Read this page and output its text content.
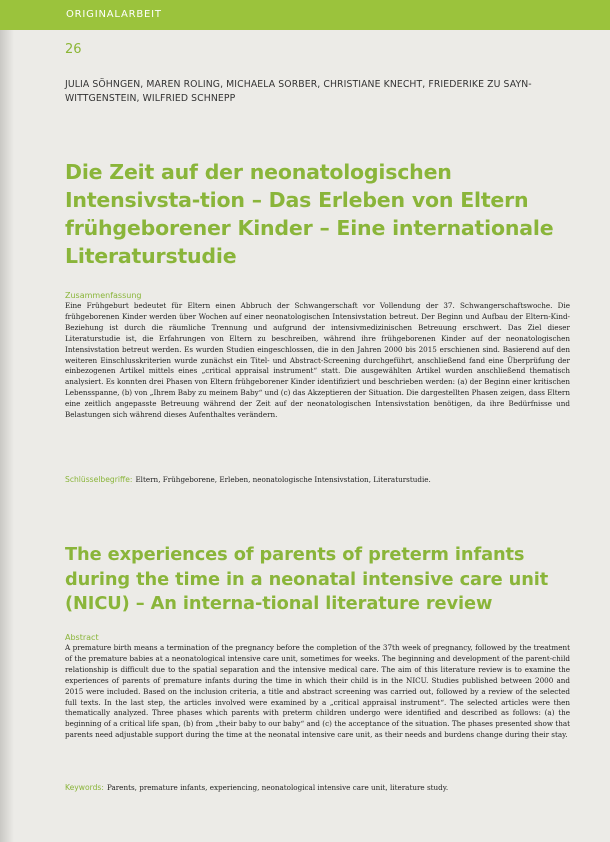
ORIGINALARBEIT
26
JULIA SÖHNGEN, MAREN ROLING, MICHAELA SORBER, CHRISTIANE KNECHT, FRIEDERIKE ZU SAYN-WITTGENSTEIN, WILFRIED SCHNEPP
Die Zeit auf der neonatologischen Intensivsta-tion – Das Erleben von Eltern frühgeborener Kinder – Eine internationale Literaturstudie
Zusammenfassung
Eine Frühgeburt bedeutet für Eltern einen Abbruch der Schwangerschaft vor Vollendung der 37. Schwangerschaftswoche. Die frühgeborenen Kinder werden über Wochen auf einer neonatologischen Intensivstation betreut. Der Beginn und Aufbau der Eltern-Kind-Beziehung ist durch die räumliche Trennung und aufgrund der intensivmedizinischen Betreuung erschwert. Das Ziel dieser Literaturstudie ist, die Erfahrungen von Eltern zu beschreiben, während ihre frühgeborenen Kinder auf der neonatologischen Intensivstation betreut werden. Es wurden Studien eingeschlossen, die in den Jahren 2000 bis 2015 erschienen sind. Basierend auf den weiteren Einschlusskriterien wurde zunächst ein Titel- und Abstract-Screening durchgeführt, anschließend fand eine Überprüfung der einbezogenen Artikel mittels eines „critical appraisal instrument“ statt. Die ausgewählten Artikel wurden anschließend thematisch analysiert. Es konnten drei Phasen von Eltern frühgeborener Kinder identifiziert und beschrieben werden: (a) der Beginn einer kritischen Lebensspanne, (b) von „Ihrem Baby zu meinem Baby“ und (c) das Akzeptieren der Situation. Die dargestellten Phasen zeigen, dass Eltern eine zeitlich angepasste Betreuung während der Zeit auf der neonatologischen Intensivstation benötigen, da ihre Bedürfnisse und Belastungen sich während dieses Aufenthaltes verändern.
Schlüsselbegriffe: Eltern, Frühgeborene, Erleben, neonatologische Intensivstation, Literaturstudie.
The experiences of parents of preterm infants during the time in a neonatal intensive care unit (NICU) – An interna-tional literature review
Abstract
A premature birth means a termination of the pregnancy before the completion of the 37th week of pregnancy, followed by the treatment of the premature babies at a neonatological intensive care unit, sometimes for weeks. The beginning and development of the parent-child relationship is difficult due to the spatial separation and the intensive medical care. The aim of this literature review is to examine the experiences of parents of premature infants during the time in which their child is in the NICU. Studies published between 2000 and 2015 were included. Based on the inclusion criteria, a title and abstract screening was carried out, followed by a review of the selected full texts. In the last step, the articles involved were examined by a „critical appraisal instrument“. The selected articles were then thematically analyzed. Three phases which parents with preterm children undergo were identified and described as follows: (a) the beginning of a critical life span, (b) from „their baby to our baby“ and (c) the acceptance of the situation. The phases presented show that parents need adjustable support during the time at the neonatal intensive care unit, as their needs and burdens change during their stay.
Keywords: Parents, premature infants, experiencing, neonatological intensive care unit, literature study.
